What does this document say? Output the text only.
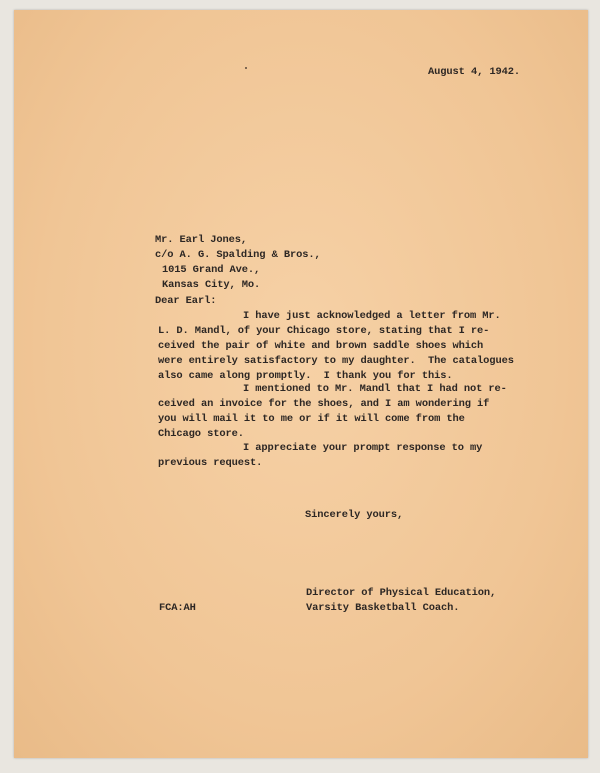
August 4, 1942.
Mr. Earl Jones,
c/o A. G. Spalding & Bros.,
1015 Grand Ave.,
Kansas City, Mo.
Dear Earl:
I have just acknowledged a letter from Mr.
L. D. Mandl, of your Chicago store, stating that I re-
ceived the pair of white and brown saddle shoes which
were entirely satisfactory to my daughter.  The catalogues
also came along promptly.  I thank you for this.
I mentioned to Mr. Mandl that I had not re-
ceived an invoice for the shoes, and I am wondering if
you will mail it to me or if it will come from the
Chicago store.
I appreciate your prompt response to my
previous request.
Sincerely yours,
Director of Physical Education,
Varsity Basketball Coach.
FCA:AH
